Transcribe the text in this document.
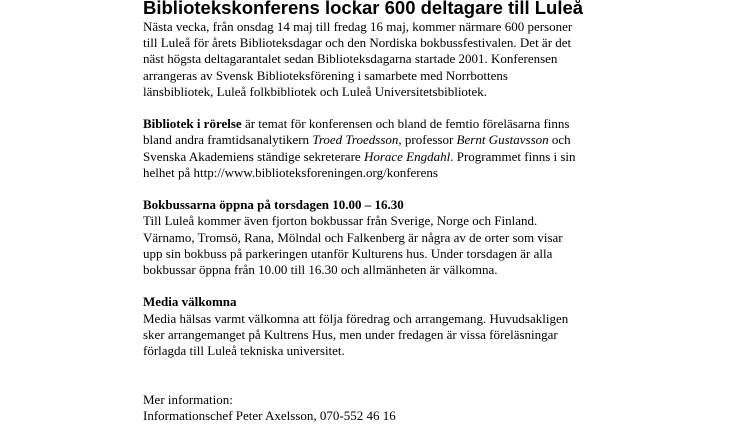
Bibliotekskonferens lockar 600 deltagare till Luleå

Nästa vecka, från onsdag 14 maj till fredag 16 maj, kommer närmare 600 personer
till Luleå för årets Biblioteksdagar och den Nordiska bokbussfestivalen. Det är det
näst högsta deltagarantalet sedan Biblioteksdagarna startade 2001. Konferensen
arrangeras av Svensk Biblioteksförening i samarbete med Norrbottens
länsbibliotek, Luleå folkbibliotek och Luleå Universitetsbibliotek.

Bibliotek i rörelse är temat för konferensen och bland de femtio föreläsarna finns
bland andra framtidsanalytikern Troed Troedsson, professor Bernt Gustavsson och
Svenska Akademiens ständige sekreterare Horace Engdahl. Programmet finns i sin
helhet på http://www.biblioteksforeningen.org/konferens

Bokbussarna öppna på torsdagen 10.00 – 16.30
Till Luleå kommer även fjorton bokbussar från Sverige, Norge och Finland.
Värnamo, Tromsö, Rana, Mölndal och Falkenberg är några av de orter som visar
upp sin bokbuss på parkeringen utanför Kulturens hus. Under torsdagen är alla
bokbussar öppna från 10.00 till 16.30 och allmänheten är välkomna.

Media välkomna
Media hälsas varmt välkomna att följa föredrag och arrangemang. Huvudsakligen
sker arrangemanget på Kultrens Hus, men under fredagen är vissa föreläsningar
förlagda till Luleå tekniska universitet.

Mer information:
Informationschef Peter Axelsson, 070-552 46 16
